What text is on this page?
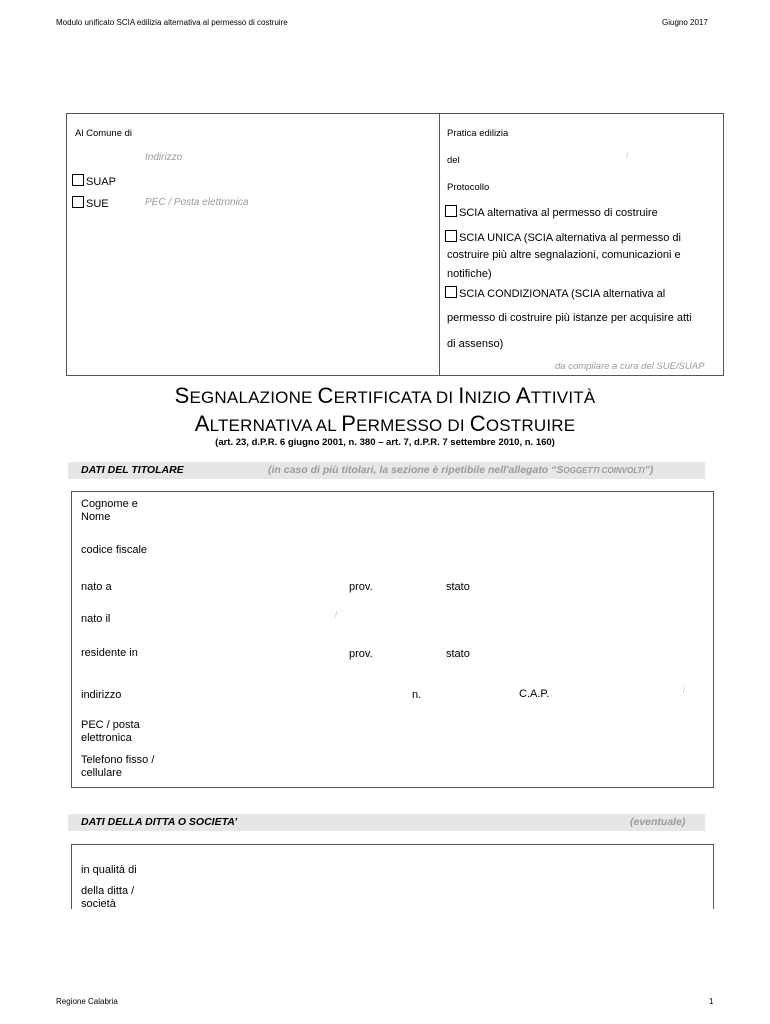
Modulo unificato SCIA edilizia alternativa al permesso di costruire	Giugno 2017
Al Comune di
Indirizzo
SUAP
SUE	PEC / Posta elettronica
Pratica edilizia
del	/
Protocollo
SCIA alternativa al permesso di costruire
SCIA UNICA (SCIA alternativa al permesso di
costruire più altre segnalazioni, comunicazioni e
notifiche)
SCIA CONDIZIONATA (SCIA alternativa al
permesso di costruire più istanze per acquisire atti
di assenso)
da compilare a cura del SUE/SUAP
SEGNALAZIONE CERTIFICATA DI INIZIO ATTIVITÀ
ALTERNATIVA AL PERMESSO DI COSTRUIRE
(art. 23, d.P.R. 6 giugno 2001, n. 380 – art. 7, d.P.R. 7 settembre 2010, n. 160)
DATI DEL TITOLARE	(in caso di più titolari, la sezione è ripetibile nell'allegato “SOGGETTI COINVOLTI”)
Cognome e
Nome
codice fiscale
nato a	prov.	stato
nato il	/
residente in	prov.	stato
indirizzo	n.	C.A.P.	/
PEC / posta
elettronica
Telefono fisso /
cellulare
DATI DELLA DITTA O SOCIETA’	(eventuale)
in qualità di
della ditta /
società
Regione Calabria	1
